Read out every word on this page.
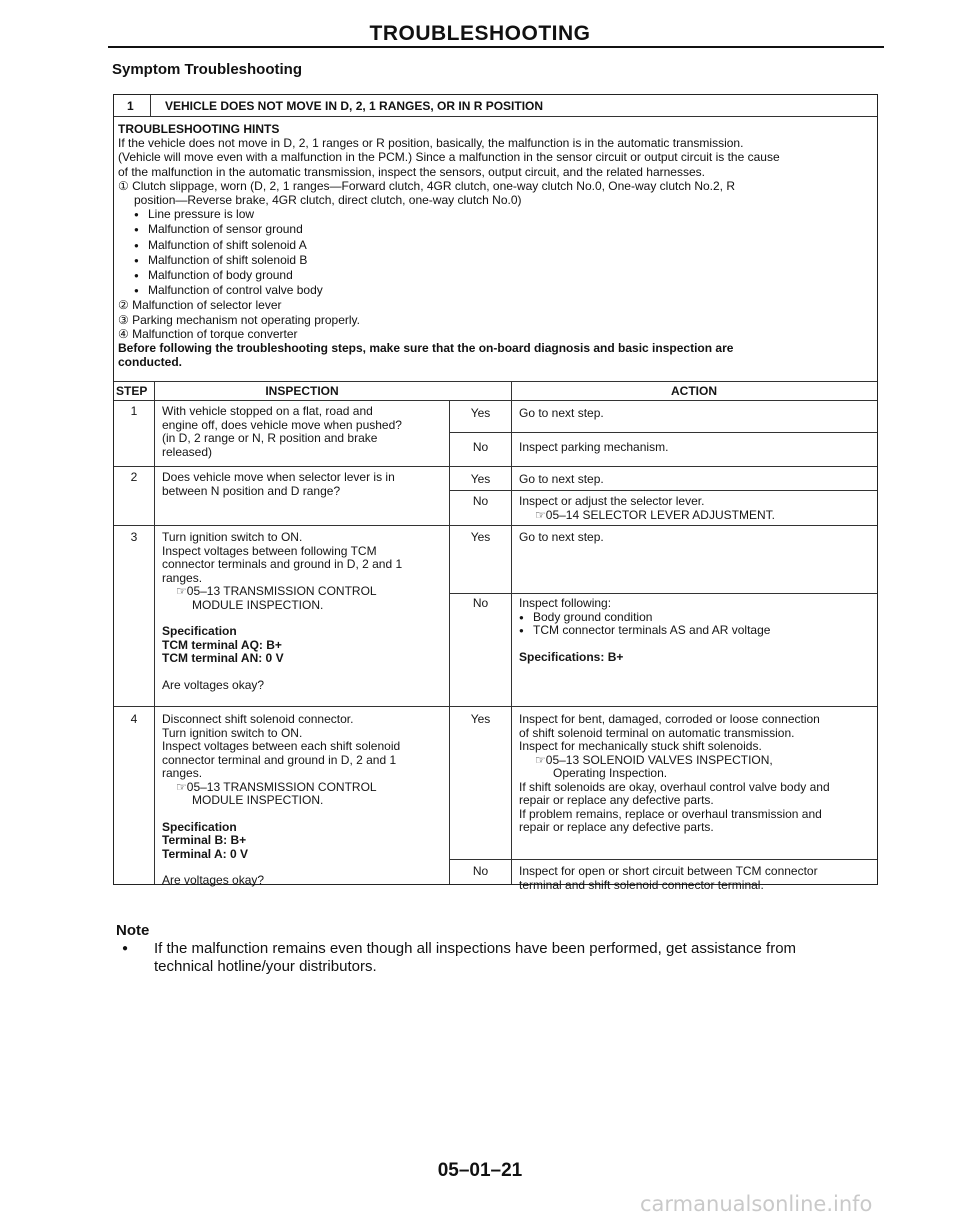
TROUBLESHOOTING
Symptom Troubleshooting
1	VEHICLE DOES NOT MOVE IN D, 2, 1 RANGES, OR IN R POSITION
TROUBLESHOOTING HINTS
If the vehicle does not move in D, 2, 1 ranges or R position, basically, the malfunction is in the automatic transmission.
(Vehicle will move even with a malfunction in the PCM.) Since a malfunction in the sensor circuit or output circuit is the cause
of the malfunction in the automatic transmission, inspect the sensors, output circuit, and the related harnesses.
① Clutch slippage, worn (D, 2, 1 ranges—Forward clutch, 4GR clutch, one-way clutch No.0, One-way clutch No.2, R
position—Reverse brake, 4GR clutch, direct clutch, one-way clutch No.0)
● Line pressure is low
● Malfunction of sensor ground
● Malfunction of shift solenoid A
● Malfunction of shift solenoid B
● Malfunction of body ground
● Malfunction of control valve body
② Malfunction of selector lever
③ Parking mechanism not operating properly.
④ Malfunction of torque converter
Before following the troubleshooting steps, make sure that the on-board diagnosis and basic inspection are
conducted.
STEP	INSPECTION	ACTION
1	With vehicle stopped on a flat, road and
engine off, does vehicle move when pushed?
(in D, 2 range or N, R position and brake
released)
Yes	Go to next step.
No	Inspect parking mechanism.
2	Does vehicle move when selector lever is in
between N position and D range?
Yes	Go to next step.
No	Inspect or adjust the selector lever.
☞ 05–14 SELECTOR LEVER ADJUSTMENT.
3	Turn ignition switch to ON.
Inspect voltages between following TCM
connector terminals and ground in D, 2 and 1
ranges.
☞ 05–13 TRANSMISSION CONTROL
MODULE INSPECTION.
Specification
TCM terminal AQ: B+
TCM terminal AN: 0 V
Are voltages okay?
Yes	Go to next step.
No	Inspect following:
● Body ground condition
● TCM connector terminals AS and AR voltage
Specifications: B+
4	Disconnect shift solenoid connector.
Turn ignition switch to ON.
Inspect voltages between each shift solenoid
connector terminal and ground in D, 2 and 1
ranges.
☞ 05–13 TRANSMISSION CONTROL
MODULE INSPECTION.
Specification
Terminal B: B+
Terminal A: 0 V
Are voltages okay?
Yes	Inspect for bent, damaged, corroded or loose connection
of shift solenoid terminal on automatic transmission.
Inspect for mechanically stuck shift solenoids.
☞ 05–13 SOLENOID VALVES INSPECTION,
Operating Inspection.
If shift solenoids are okay, overhaul control valve body and
repair or replace any defective parts.
If problem remains, replace or overhaul transmission and
repair or replace any defective parts.
No	Inspect for open or short circuit between TCM connector
terminal and shift solenoid connector terminal.
Note
● If the malfunction remains even though all inspections have been performed, get assistance from
technical hotline/your distributors.
05–01–21
carmanualsonline.info
